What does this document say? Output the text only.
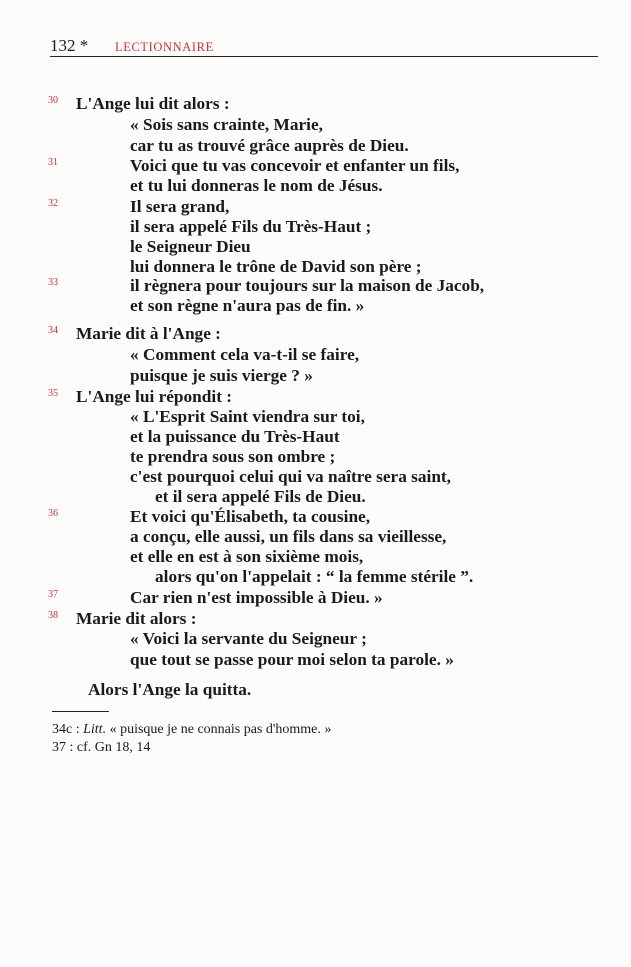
132 * LECTIONNAIRE
30
31
32
33
34
35
36
37
38
L'Ange lui dit alors :
« Sois sans crainte, Marie,
car tu as trouvé grâce auprès de Dieu.
Voici que tu vas concevoir et enfanter un fils,
et tu lui donneras le nom de Jésus.
Il sera grand,
il sera appelé Fils du Très-Haut ;
le Seigneur Dieu
lui donnera le trône de David son père ;
il règnera pour toujours sur la maison de Jacob,
et son règne n'aura pas de fin. »
Marie dit à l'Ange :
« Comment cela va-t-il se faire,
puisque je suis vierge ? »
L'Ange lui répondit :
« L'Esprit Saint viendra sur toi,
et la puissance du Très-Haut
te prendra sous son ombre ;
c'est pourquoi celui qui va naître sera saint,
et il sera appelé Fils de Dieu.
Et voici qu'Élisabeth, ta cousine,
a conçu, elle aussi, un fils dans sa vieillesse,
et elle en est à son sixième mois,
alors qu'on l'appelait : “ la femme stérile ”.
Car rien n'est impossible à Dieu. »
Marie dit alors :
« Voici la servante du Seigneur ;
que tout se passe pour moi selon ta parole. »
Alors l'Ange la quitta.
34c : Litt. « puisque je ne connais pas d'homme. »
37 : cf. Gn 18, 14
